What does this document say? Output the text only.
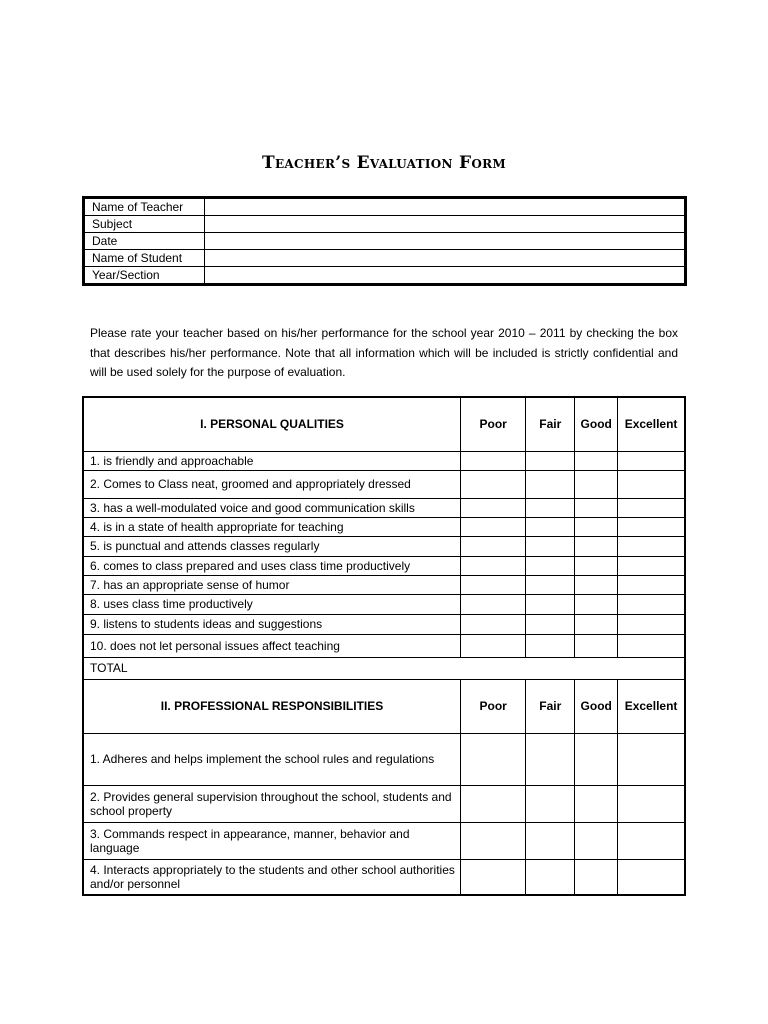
Teacher’s Evaluation Form
Name of Teacher	
Subject	
Date	
Name of Student	
Year/Section	

Please rate your teacher based on his/her performance for the school year 2010 – 2011 by checking the box that describes his/her performance. Note that all information which will be included is strictly confidential and will be used solely for the purpose of evaluation.

I. PERSONAL QUALITIES	Poor	Fair	Good	Excellent
1. is friendly and approachable				
2. Comes to Class neat, groomed and appropriately dressed				
3. has a well-modulated voice and good communication skills				
4. is in a state of health appropriate for teaching				
5. is punctual and attends classes regularly				
6. comes to class prepared and uses class time productively				
7. has an appropriate sense of humor				
8. uses class time productively				
9. listens to students ideas and suggestions				
10. does not let personal issues affect teaching				
TOTAL				
II. PROFESSIONAL RESPONSIBILITIES	Poor	Fair	Good	Excellent
1. Adheres and helps implement the school rules and regulations				
2. Provides general supervision throughout the school, students and school property				
3. Commands respect in appearance, manner, behavior and language				
4. Interacts appropriately to the students and other school authorities and/or personnel				
